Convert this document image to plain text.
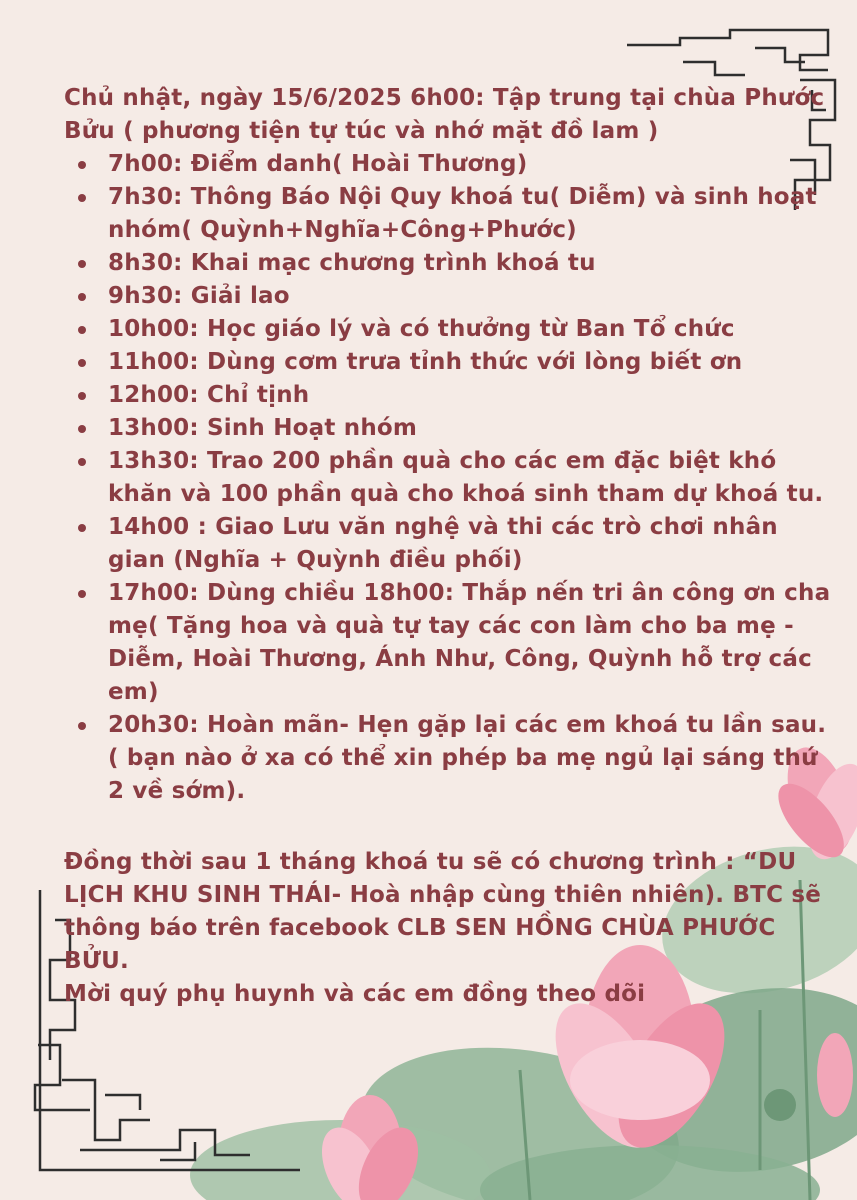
Chủ nhật, ngày 15/6/2025 6h00: Tập trung tại chùa Phước Bửu ( phương tiện tự túc và nhớ mặt đồ lam )

7h00: Điểm danh( Hoài Thương)
7h30: Thông Báo Nội Quy khoá tu( Diễm) và sinh hoạt nhóm( Quỳnh+Nghĩa+Công+Phước)
8h30: Khai mạc chương trình khoá tu
9h30: Giải lao
10h00: Học giáo lý và có thưởng từ Ban Tổ chức
11h00: Dùng cơm trưa tỉnh thức với lòng biết ơn
12h00: Chỉ tịnh
13h00: Sinh Hoạt nhóm
13h30: Trao 200 phần quà cho các em đặc biệt khó khăn và 100 phần quà cho khoá sinh tham dự khoá tu.
14h00 : Giao Lưu văn nghệ và thi các trò chơi nhân gian (Nghĩa + Quỳnh điều phối)
17h00: Dùng chiều 18h00: Thắp nến tri ân công ơn cha mẹ( Tặng hoa và quà tự tay các con làm cho ba mẹ - Diễm, Hoài Thương, Ánh Như, Công, Quỳnh hỗ trợ các em)
20h30: Hoàn mãn- Hẹn gặp lại các em khoá tu lần sau. ( bạn nào ở xa có thể xin phép ba mẹ ngủ lại sáng thứ 2 về sớm).

Đồng thời sau 1 tháng khoá tu sẽ có chương trình : “DU LỊCH KHU SINH THÁI- Hoà nhập cùng thiên nhiên). BTC sẽ thông báo trên facebook CLB SEN HỒNG CHÙA PHƯỚC BỬU.

Mời quý phụ huynh và các em đồng theo dõi
